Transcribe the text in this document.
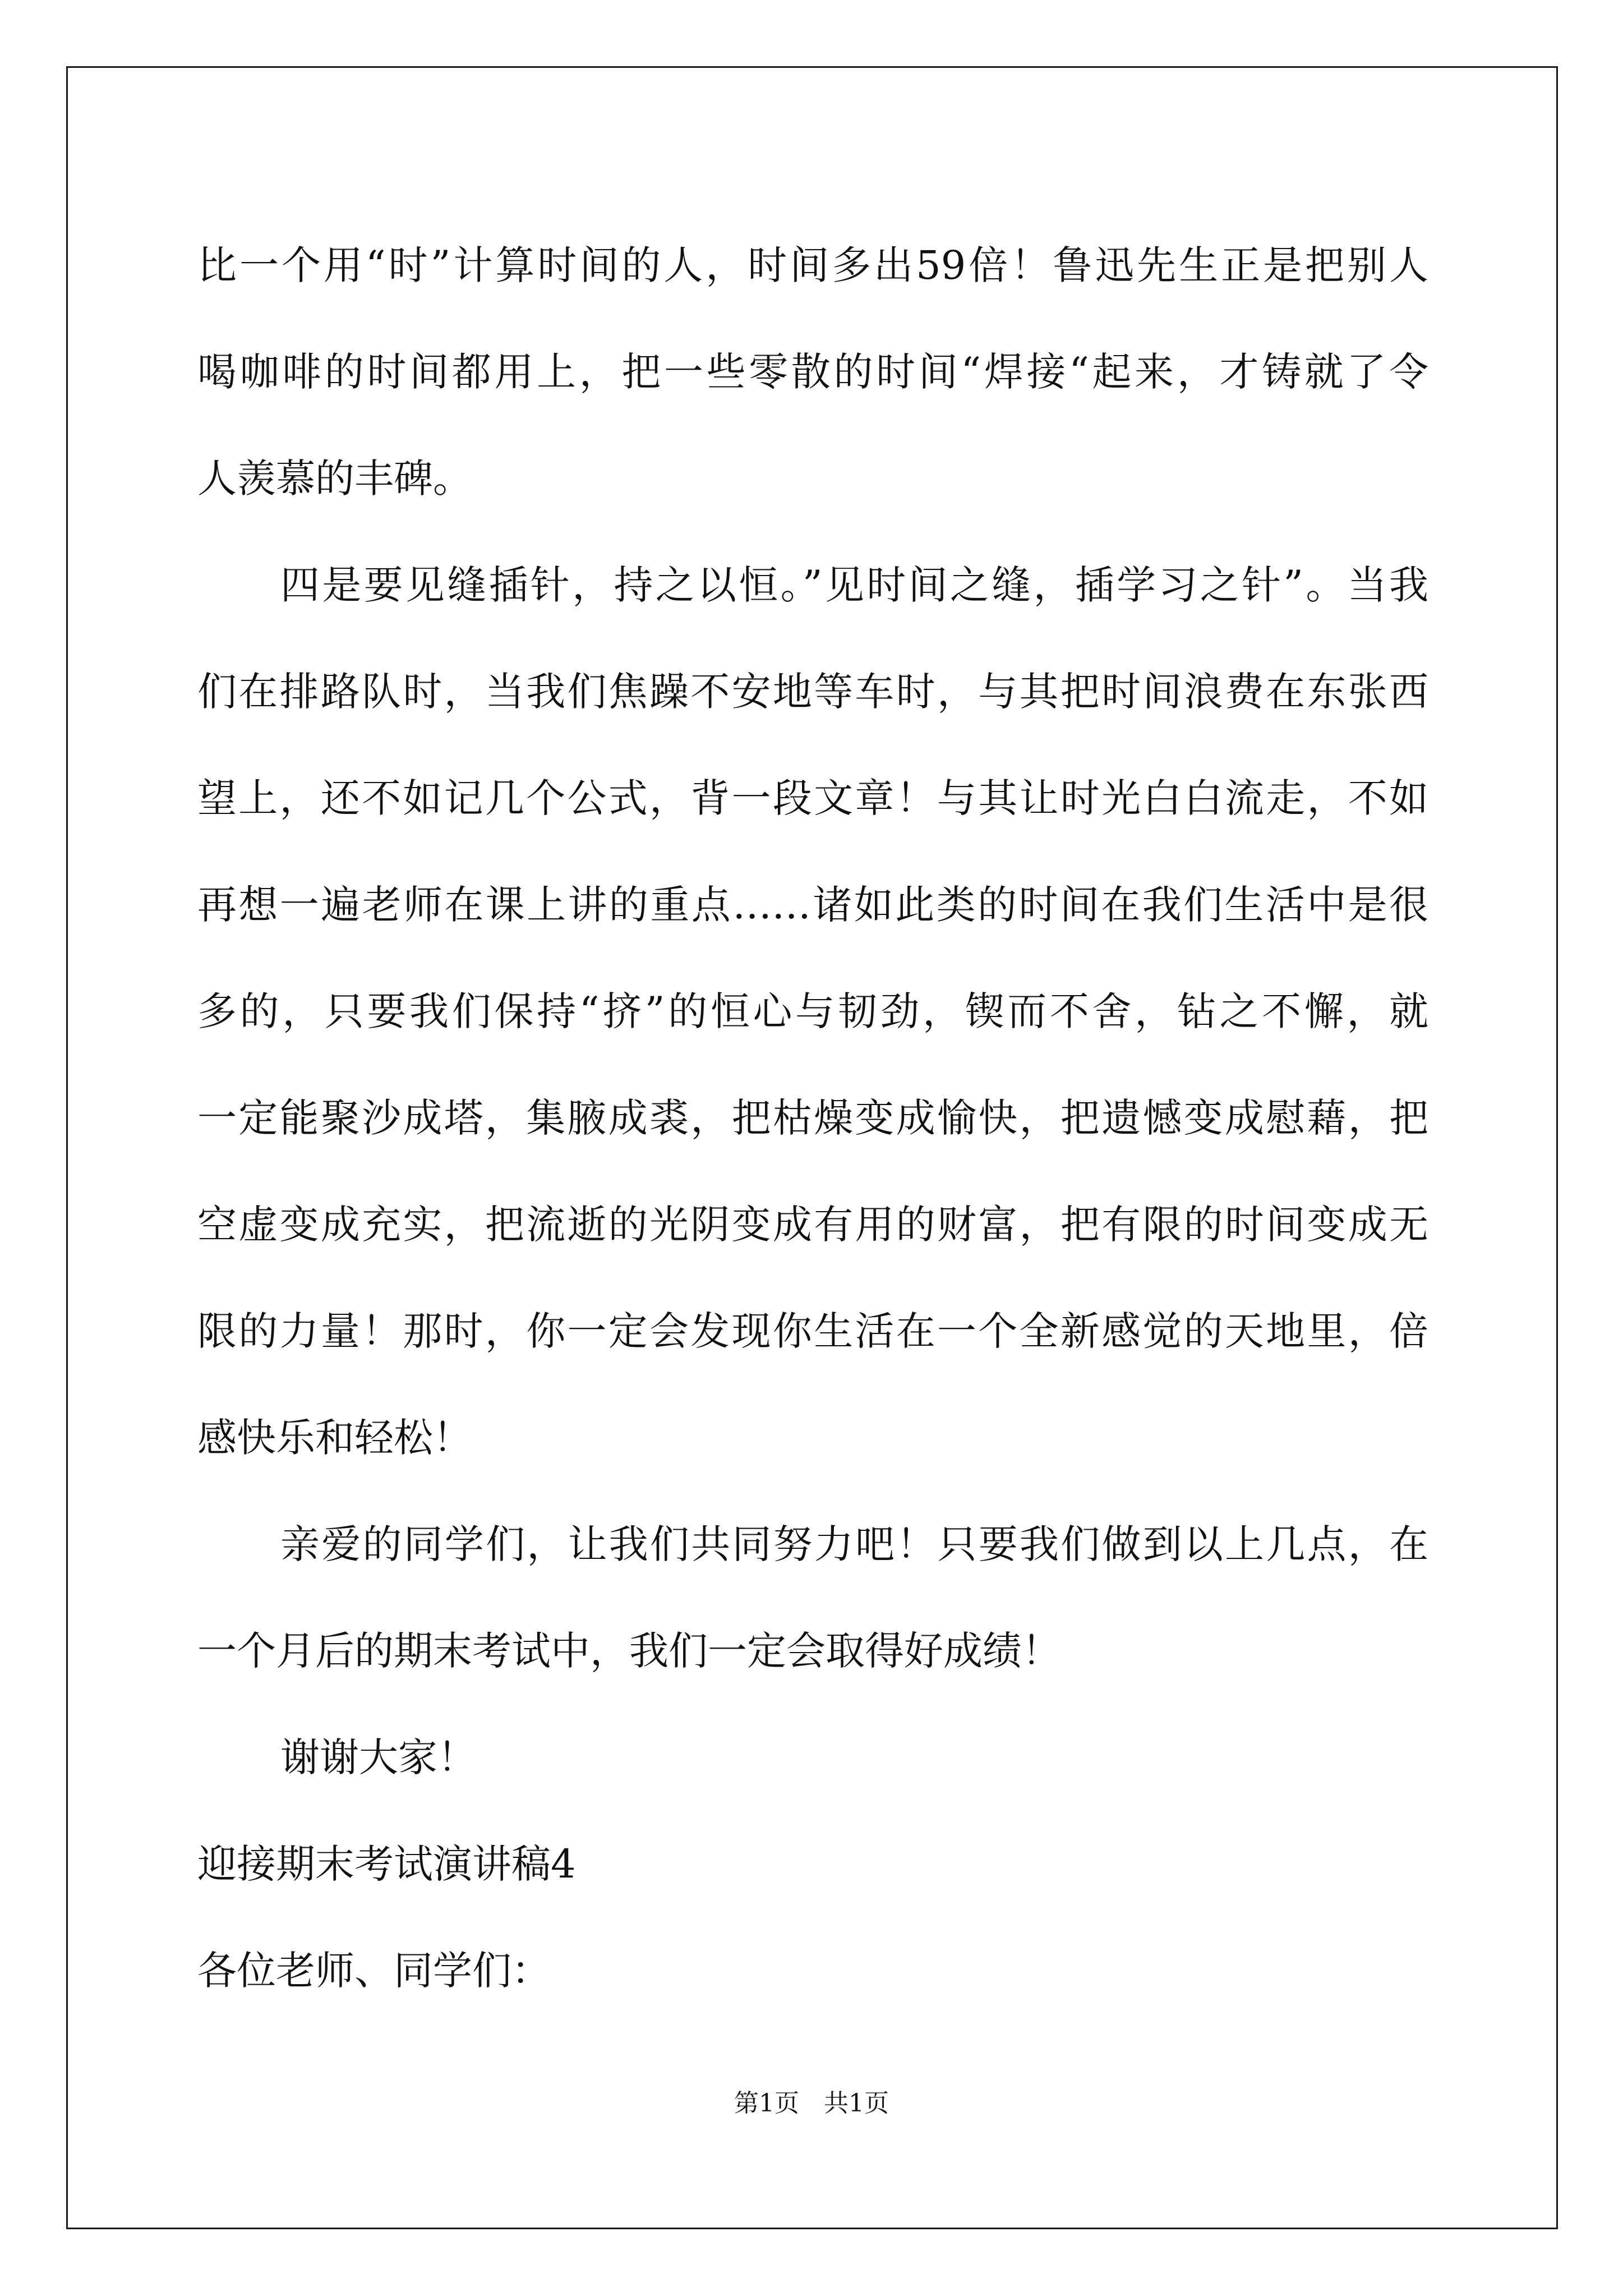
比一个用“时”计算时间的人，时间多出59倍！鲁迅先生正是把别人
喝咖啡的时间都用上，把一些零散的时间“焊接“起来，才铸就了令
人羡慕的丰碑。
四是要见缝插针，持之以恒。”见时间之缝，插学习之针”。当我
们在排路队时，当我们焦躁不安地等车时，与其把时间浪费在东张西
望上，还不如记几个公式，背一段文章！与其让时光白白流走，不如
再想一遍老师在课上讲的重点……诸如此类的时间在我们生活中是很
多的，只要我们保持“挤”的恒心与韧劲，锲而不舍，钻之不懈，就
一定能聚沙成塔，集腋成裘，把枯燥变成愉快，把遗憾变成慰藉，把
空虚变成充实，把流逝的光阴变成有用的财富，把有限的时间变成无
限的力量！那时，你一定会发现你生活在一个全新感觉的天地里，倍
感快乐和轻松！
亲爱的同学们，让我们共同努力吧！只要我们做到以上几点，在
一个月后的期末考试中，我们一定会取得好成绩！
谢谢大家！
迎接期末考试演讲稿4
各位老师、同学们：
第1页　共1页
